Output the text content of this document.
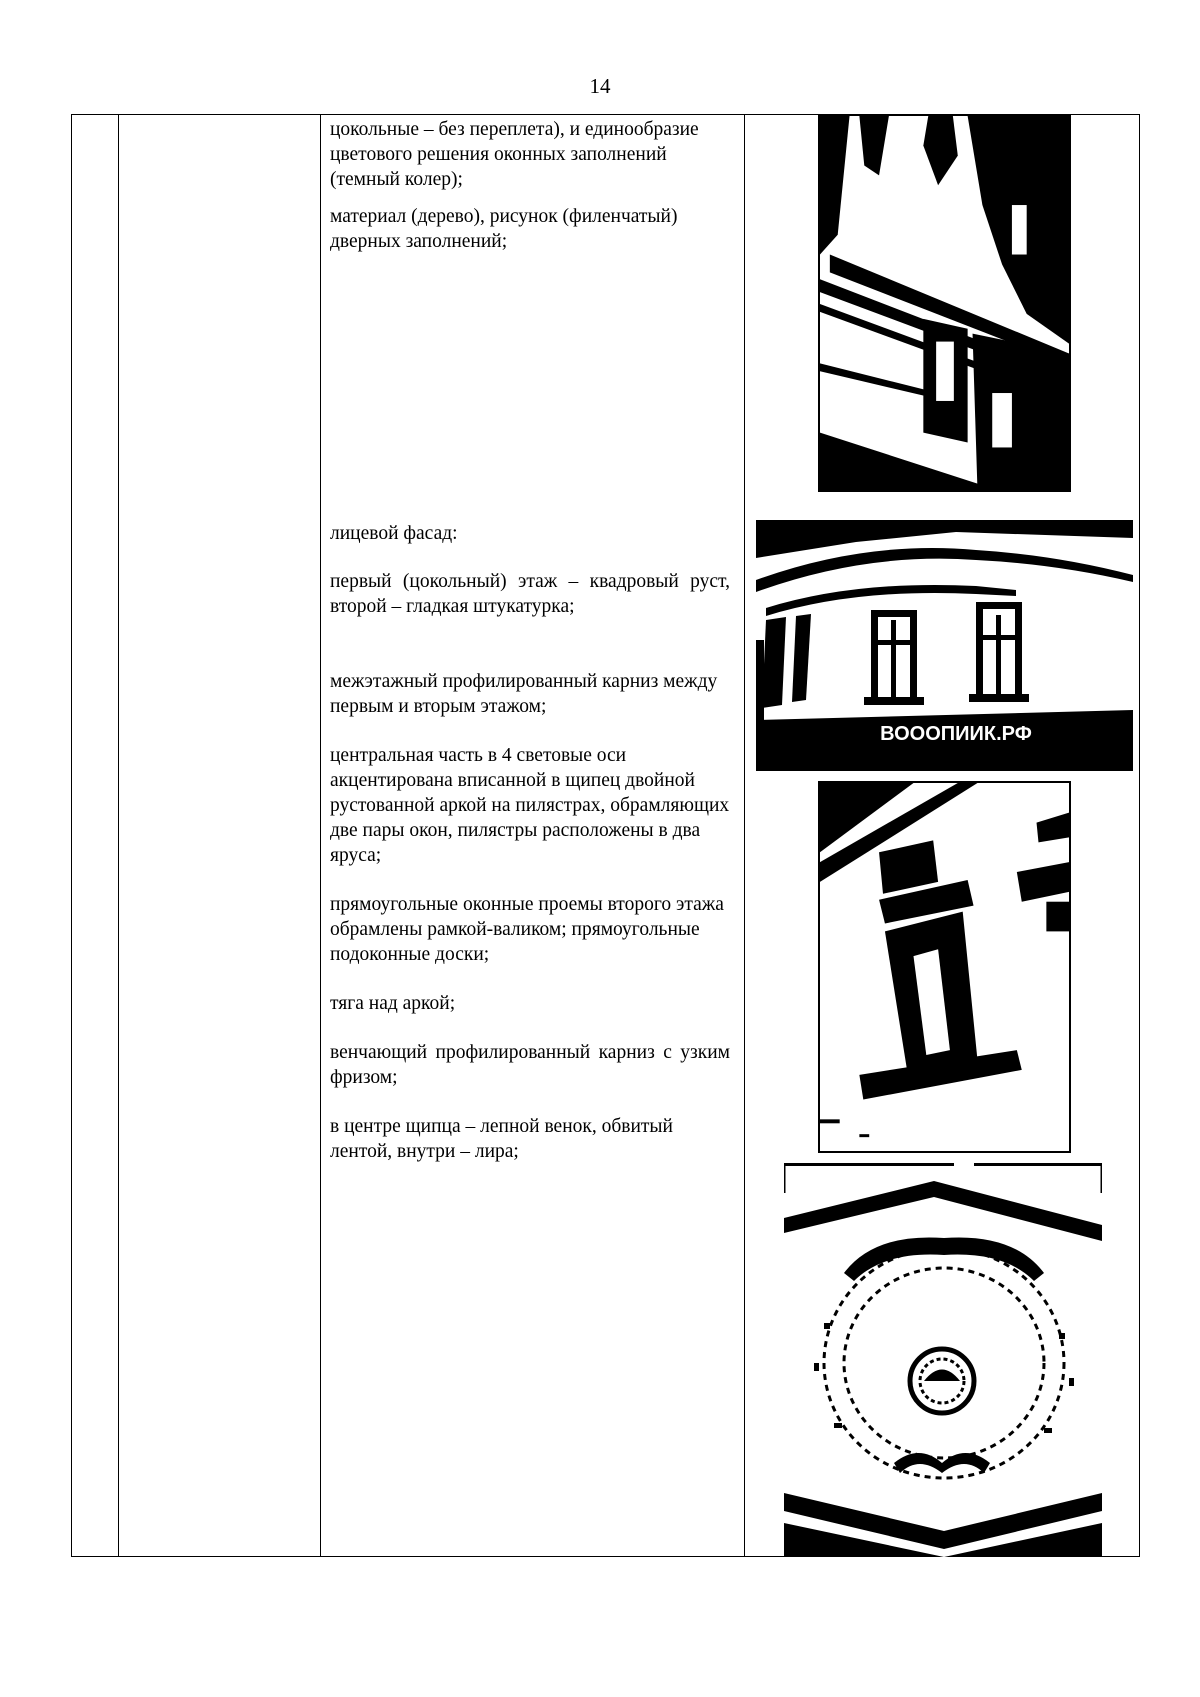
14

цокольные – без переплета), и единообразие цветового решения оконных заполнений (темный колер);

материал (дерево), рисунок (филенчатый) дверных заполнений;

лицевой фасад:

первый (цокольный) этаж – квадровый руст, второй – гладкая штукатурка;

межэтажный профилированный карниз между первым и вторым этажом;

центральная часть в 4 световые оси акцентирована вписанной в щипец двойной рустованной аркой на пилястрах, обрамляющих две пары окон, пилястры расположены в два яруса;

прямоугольные оконные проемы второго этажа обрамлены рамкой-валиком; прямоугольные подоконные доски;

тяга над аркой;

венчающий профилированный карниз с узким фризом;

в центре щипца – лепной венок, обвитый лентой, внутри – лира;

ВОООПИИК.РФ
